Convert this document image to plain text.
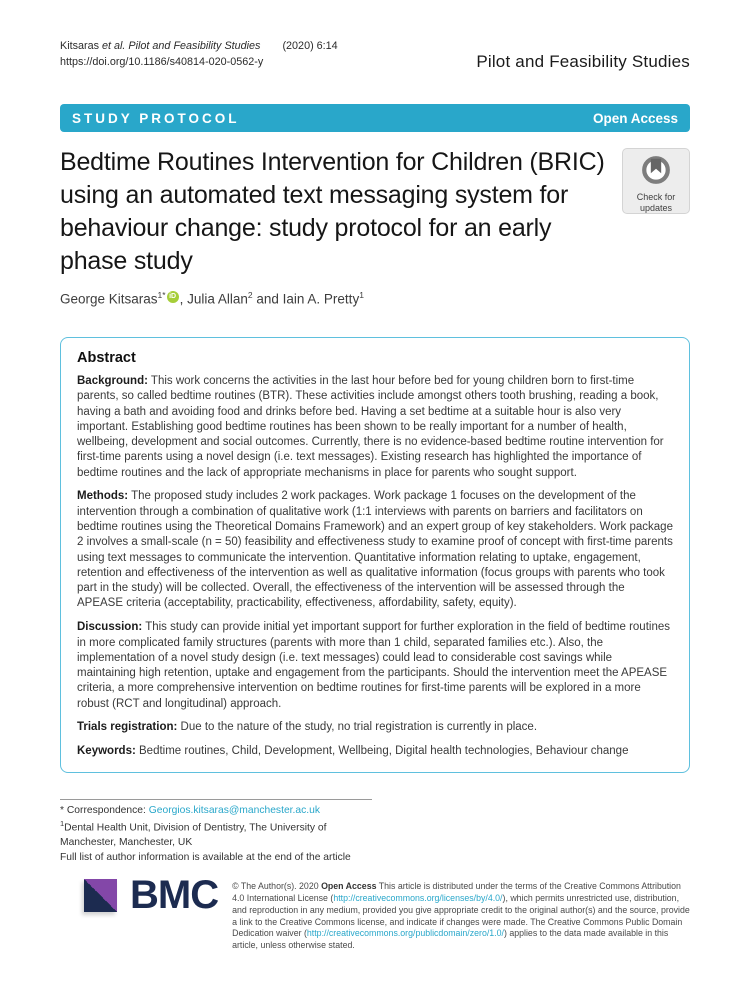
Kitsaras et al. Pilot and Feasibility Studies (2020) 6:14
https://doi.org/10.1186/s40814-020-0562-y	Pilot and Feasibility Studies
STUDY PROTOCOL	Open Access
Bedtime Routines Intervention for Children (BRIC) using an automated text messaging system for behaviour change: study protocol for an early phase study
Check for
updates
George Kitsaras$^{1*}$ iD , Julia Allan$^2$ and Iain A. Pretty$^1$
Abstract

Background: This work concerns the activities in the last hour before bed for young children born to first-time parents, so called bedtime routines (BTR). These activities include amongst others tooth brushing, reading a book, having a bath and avoiding food and drinks before bed. Having a set bedtime at a suitable hour is also very important. Establishing good bedtime routines has been shown to be really important for a number of health, wellbeing, development and social outcomes. Currently, there is no evidence-based bedtime routine intervention for first-time parents using a novel design (i.e. text messages). Existing research has highlighted the importance of bedtime routines and the lack of appropriate mechanisms in place for parents who sought support.

Methods: The proposed study includes 2 work packages. Work package 1 focuses on the development of the intervention through a combination of qualitative work (1:1 interviews with parents on barriers and facilitators on bedtime routines using the Theoretical Domains Framework) and an expert group of key stakeholders. Work package 2 involves a small-scale (n = 50) feasibility and effectiveness study to examine proof of concept with first-time parents using text messages to communicate the intervention. Quantitative information relating to uptake, engagement, retention and effectiveness of the intervention as well as qualitative information (focus groups with parents who took part in the study) will be collected. Overall, the effectiveness of the intervention will be assessed through the APEASE criteria (acceptability, practicability, effectiveness, affordability, safety, equity).

Discussion: This study can provide initial yet important support for further exploration in the field of bedtime routines in more complicated family structures (parents with more than 1 child, separated families etc.). Also, the implementation of a novel study design (i.e. text messages) could lead to considerable cost savings while maintaining high retention, uptake and engagement from the participants. Should the intervention meet the APEASE criteria, a more comprehensive intervention on bedtime routines for first-time parents will be explored in a more robust (RCT and longitudinal) approach.

Trials registration: Due to the nature of the study, no trial registration is currently in place.

Keywords: Bedtime routines, Child, Development, Wellbeing, Digital health technologies, Behaviour change

* Correspondence: Georgios.kitsaras@manchester.ac.uk

$^1$Dental Health Unit, Division of Dentistry, The University of Manchester, Manchester, UK

Full list of author information is available at the end of the article

BMC © The Author(s). 2020 Open Access This article is distributed under the terms of the Creative Commons Attribution 4.0 International License (http://creativecommons.org/licenses/by/4.0/), which permits unrestricted use, distribution, and reproduction in any medium, provided you give appropriate credit to the original author(s) and the source, provide a link to the Creative Commons license, and indicate if changes were made. The Creative Commons Public Domain Dedication waiver (http://creativecommons.org/publicdomain/zero/1.0/) applies to the data made available in this article, unless otherwise stated.
